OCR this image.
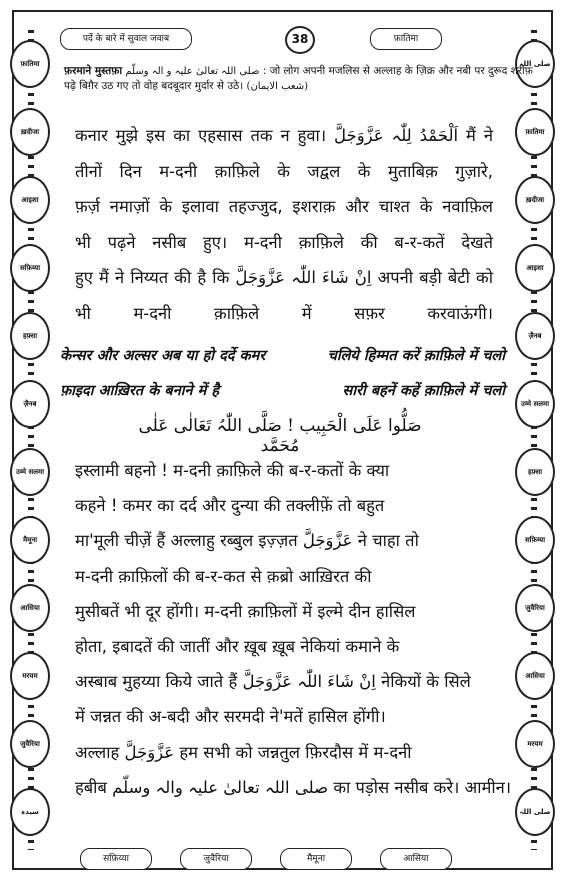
फ़ातिमा
ख़दीजा
आइशा
सफ़िय्या
हफ़्सा
ज़ैनब
उम्मे सलमा
मैमूना
आसिया
मरयम
जुवैरिया
سیدہ
صلی اللہ
फ़ातिमा
ख़दीजा
आइशा
ज़ैनब
उम्मे सलमा
हफ़्सा
सफ़िय्या
जुवैरिया
आसिया
मरयम
صلی اللہ
पर्दे के बारे में सुवाल जवाब	38	फ़ातिमा
फ़रमाने मुस्तफ़ा صلی اللہ تعالیٰ علیہ و الہ وسلّم : जो लोग अपनी मजलिस से अल्लाह के ज़िक्र और नबी पर दुरूद शरीफ़
पढ़े बिग़ैर उठ गए तो वोह बदबूदार मुर्दार से उठे। (شعب الایمان)

कनार मुझे इस का एहसास तक न हुवा। اَلْحَمْدُ لِلّٰہ عَزَّوَجَلَّ मैं ने

तीनों दिन म-दनी क़ाफ़िले के जद्वल के मुताबिक़ गुज़ारे,

फ़र्ज़ नमाज़ों के इलावा तहज्जुद, इशराक़ और चाश्त के नवाफ़िल

भी पढ़ने नसीब हुए। म-दनी क़ाफ़िले की ब-र-कतें देखते

हुए मैं ने निय्यत की है कि اِنْ شَاءَ اللّٰہ عَزَّوَجَلَّ अपनी बड़ी बेटी को

भी म-दनी क़ाफ़िले में सफ़र करवाऊंगी।

केन्सर और अल्सर अब या हो दर्दे कमर	चलिये हिम्मत करें क़ाफ़िले में चलो
फ़ाइदा आख़िरत के बनाने में है	सारी बहनें कहें क़ाफ़िले में चलो
صَلُّوا عَلَی الْحَبِیب ! صَلَّی اللّٰہُ تَعَالٰی عَلٰی مُحَمَّد

इस्लामी बहनो ! म-दनी क़ाफ़िले की ब-र-कतों के क्या

कहने ! कमर का दर्द और दुन्या की तक्लीफ़ें तो बहुत

मा'मूली चीज़ें हैं अल्लाहु रब्बुल इज़्ज़त عَزَّوَجَلَّ ने चाहा तो

म-दनी क़ाफ़िलों की ब-र-कत से क़ब्रो आख़िरत की

मुसीबतें भी दूर होंगी। म-दनी क़ाफ़िलों में इल्मे दीन हासिल

होता, इबादतें की जातीं और ख़ूब ख़ूब नेकियां कमाने के

अस्बाब मुहय्या किये जाते हैं اِنْ شَاءَ اللّٰہ عَزَّوَجَلَّ नेकियों के सिले

में जन्नत की अ-बदी और सरमदी ने'मतें हासिल होंगी।

अल्लाह عَزَّوَجَلَّ हम सभी को जन्नतुल फ़िरदौस में म-दनी

हबीब صلی اللہ تعالیٰ علیہ والہ وسلّم का पड़ोस नसीब करे। आमीन।

सफ़िय्या	जुवैरिया	मैमूना	आसिया
